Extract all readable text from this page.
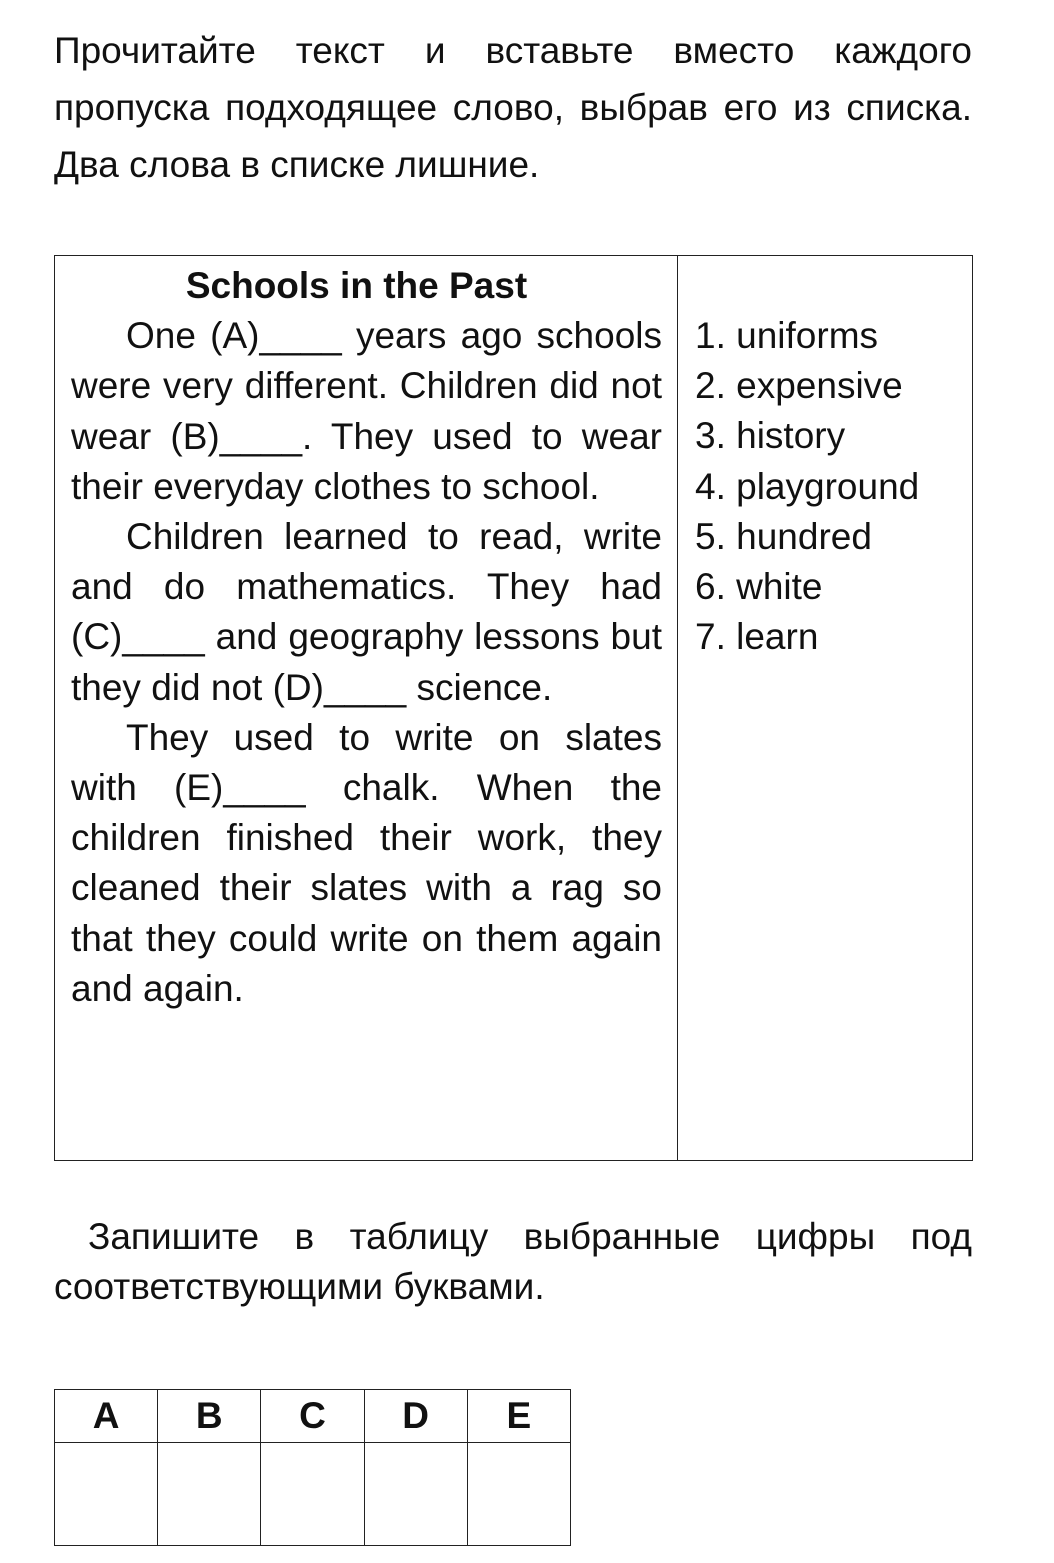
Прочитайте текст и вставьте вместо каждого пропуска подходящее слово, выбрав его из списка. Два слова в списке лишние.

Schools in the Past

One (A)____ years ago schools were very different. Children did not wear (B)____. They used to wear their everyday clothes to school.

Children learned to read, write and do mathematics. They had (C)____ and geography lessons but they did not (D)____ science.

They used to write on slates with (E)____ chalk. When the children finished their work, they cleaned their slates with a rag so that they could write on them again and again.

1. uniforms
2. expensive
3. history
4. playground
5. hundred
6. white
7. learn

Запишите в таблицу выбранные цифры под соответствующими буквами.

A	B	C	D	E
